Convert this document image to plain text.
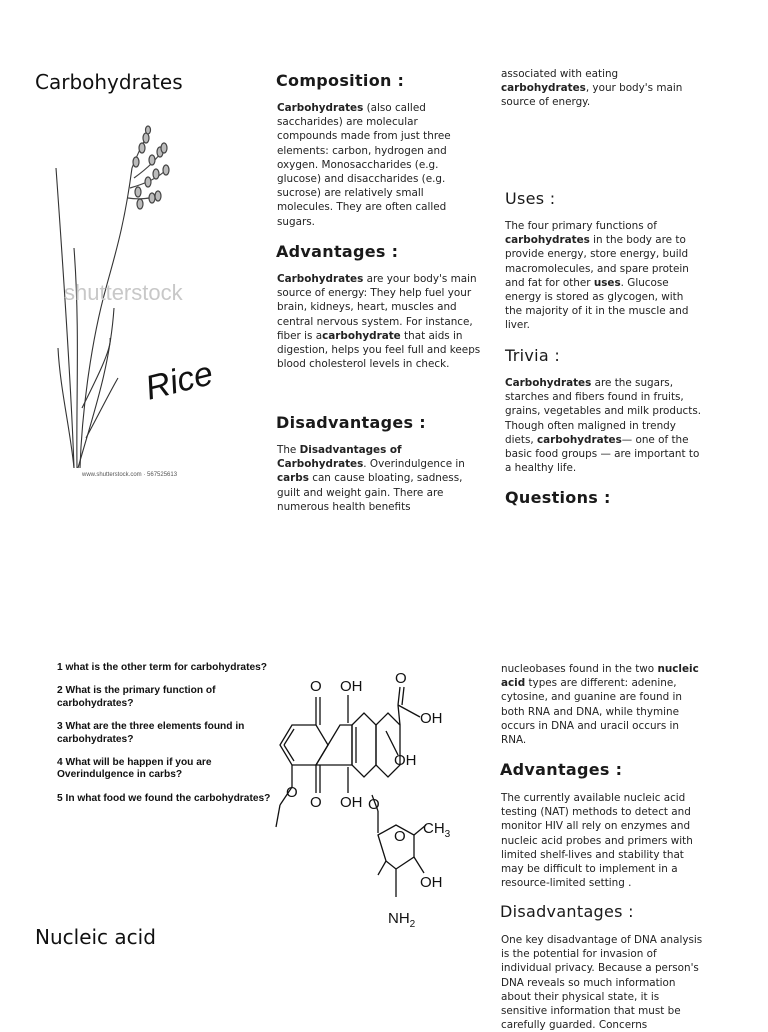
Carbohydrates
shutterstock
Rice
www.shutterstock.com · 567525613
Composition :
Carbohydrates (also called saccharides) are molecular compounds made from just three elements: carbon, hydrogen and oxygen. Monosaccharides (e.g. glucose) and disaccharides (e.g. sucrose) are relatively small molecules. They are often called sugars.
Advantages :
Carbohydrates are your body's main source of energy: They help fuel your brain, kidneys, heart, muscles and central nervous system. For instance, fiber is acarbohydrate that aids in digestion, helps you feel full and keeps blood cholesterol levels in check.
Disadvantages :
The Disadvantages of Carbohydrates. Overindulgence in carbs can cause bloating, sadness, guilt and weight gain. There are numerous health benefits
associated with eating carbohydrates, your body's main source of energy.
Uses :
The four primary functions of carbohydrates in the body are to provide energy, store energy, build macromolecules, and spare protein and fat for other uses. Glucose energy is stored as glycogen, with the majority of it in the muscle and liver.
Trivia :
Carbohydrates are the sugars, starches and fibers found in fruits, grains, vegetables and milk products. Though often maligned in trendy diets, carbohydrates— one of the basic food groups — are important to a healthy life.
Questions :
1 what is the other term for carbohydrates?
2 What is the primary function of carbohydrates?
3 What are the three elements found in carbohydrates?
4 What will be happen if you are Overindulgence in carbs?
5 In what food we found the carbohydrates?
Nucleic acid
O OH O
OH
OH
O OH
O
O
O $CH_3$
OH
$NH_2$
nucleobases found in the two nucleic acid types are different: adenine, cytosine, and guanine are found in both RNA and DNA, while thymine occurs in DNA and uracil occurs in RNA.
Advantages :
The currently available nucleic acid testing (NAT) methods to detect and monitor HIV all rely on enzymes and nucleic acid probes and primers with limited shelf-lives and stability that may be difficult to implement in a resource-limited setting .
Disadvantages :
One key disadvantage of DNA analysis is the potential for invasion of individual privacy. Because a person's DNA reveals so much information about their physical state, it is sensitive information that must be carefully guarded. Concerns
